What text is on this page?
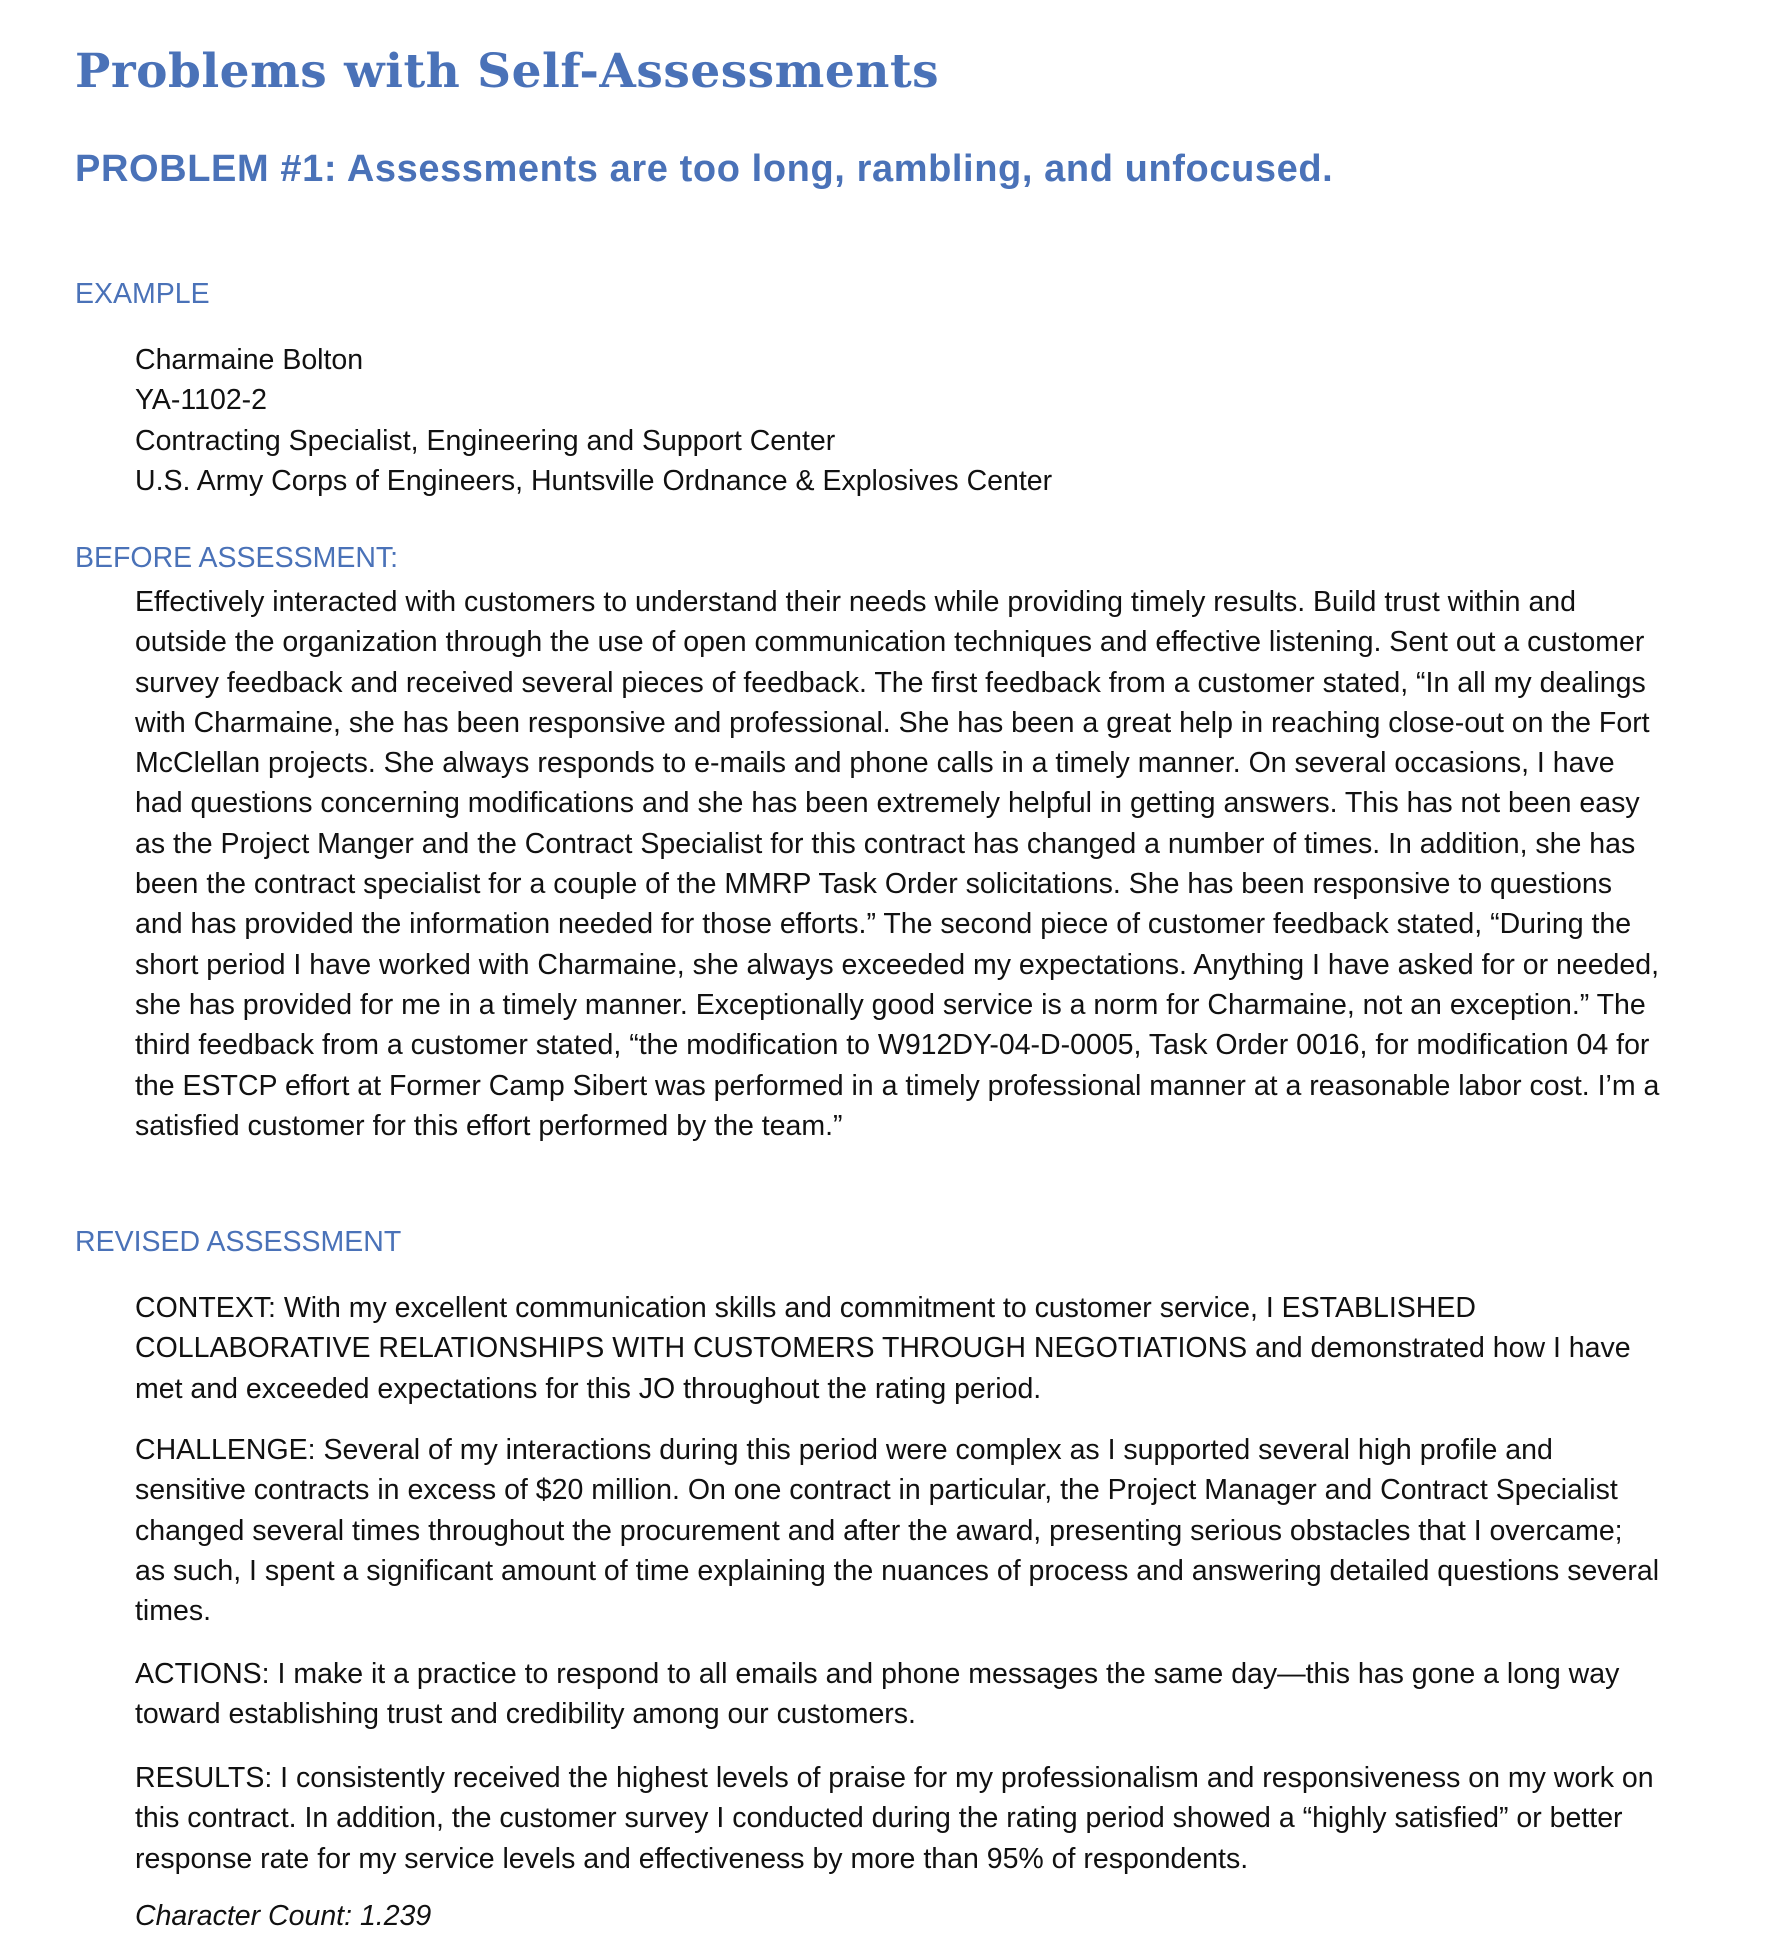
Problems with Self-Assessments
PROBLEM #1: Assessments are too long, rambling, and unfocused.
EXAMPLE
Charmaine Bolton
YA-1102-2
Contracting Specialist, Engineering and Support Center
U.S. Army Corps of Engineers, Huntsville Ordnance & Explosives Center
BEFORE ASSESSMENT:

Effectively interacted with customers to understand their needs while providing timely results. Build trust within and outside the organization through the use of open communication techniques and effective listening. Sent out a customer survey feedback and received several pieces of feedback. The first feedback from a customer stated, “In all my dealings with Charmaine, she has been responsive and professional. She has been a great help in reaching close-out on the Fort McClellan projects. She always responds to e-mails and phone calls in a timely manner. On several occasions, I have had questions concerning modifications and she has been extremely helpful in getting answers. This has not been easy as the Project Manger and the Contract Specialist for this contract has changed a number of times. In addition, she has been the contract specialist for a couple of the MMRP Task Order solicitations. She has been responsive to questions and has provided the information needed for those efforts.” The second piece of customer feedback stated, “During the short period I have worked with Charmaine, she always exceeded my expectations. Anything I have asked for or needed, she has provided for me in a timely manner. Exceptionally good service is a norm for Charmaine, not an exception.” The third feedback from a customer stated, “the modification to W912DY-04-D-0005, Task Order 0016, for modification 04 for the ESTCP effort at Former Camp Sibert was performed in a timely professional manner at a reasonable labor cost. I’m a satisfied customer for this effort performed by the team.”

REVISED ASSESSMENT

CONTEXT: With my excellent communication skills and commitment to customer service, I ESTABLISHED COLLABORATIVE RELATIONSHIPS WITH CUSTOMERS THROUGH NEGOTIATIONS and demonstrated how I have met and exceeded expectations for this JO throughout the rating period.

CHALLENGE: Several of my interactions during this period were complex as I supported several high profile and sensitive contracts in excess of $20 million. On one contract in particular, the Project Manager and Contract Specialist changed several times throughout the procurement and after the award, presenting serious obstacles that I overcame; as such, I spent a significant amount of time explaining the nuances of process and answering detailed questions several times.

ACTIONS: I make it a practice to respond to all emails and phone messages the same day—this has gone a long way toward establishing trust and credibility among our customers.

RESULTS: I consistently received the highest levels of praise for my professionalism and responsiveness on my work on this contract. In addition, the customer survey I conducted during the rating period showed a “highly satisfied” or better response rate for my service levels and effectiveness by more than 95% of respondents.

Character Count: 1.239
